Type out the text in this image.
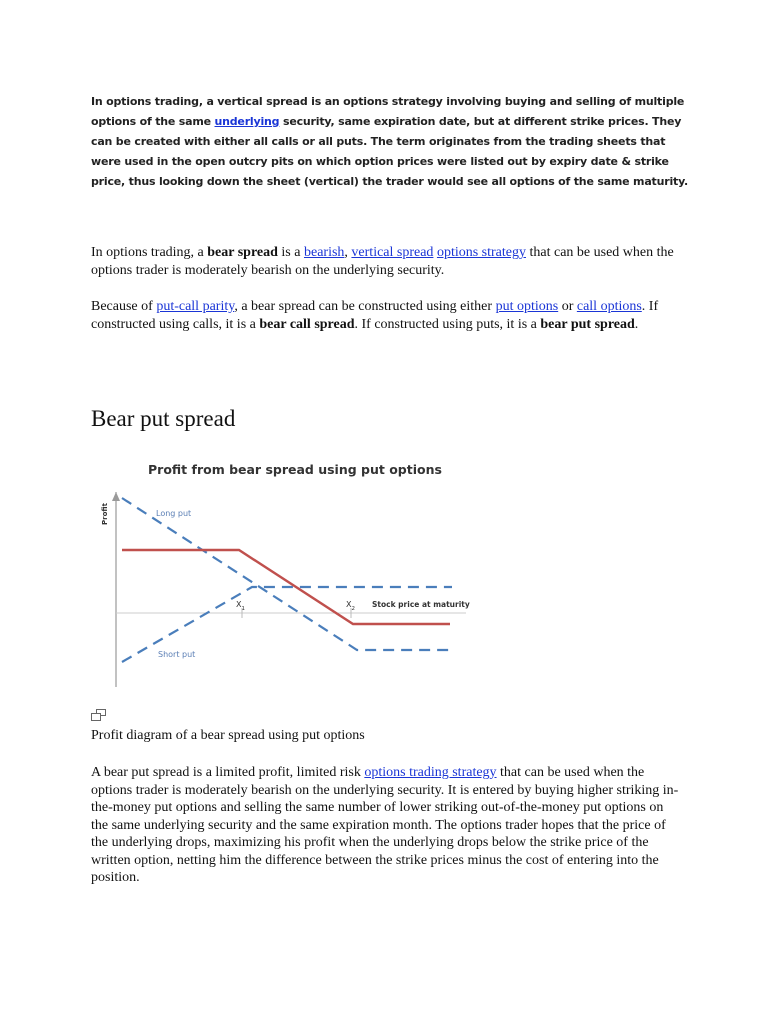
In options trading, a vertical spread is an options strategy involving buying and selling of multiple options of the same underlying security, same expiration date, but at different strike prices. They can be created with either all calls or all puts. The term originates from the trading sheets that were used in the open outcry pits on which option prices were listed out by expiry date & strike price, thus looking down the sheet (vertical) the trader would see all options of the same maturity.
In options trading, a bear spread is a bearish, vertical spread options strategy that can be used when the options trader is moderately bearish on the underlying security.
Because of put-call parity, a bear spread can be constructed using either put options or call options. If constructed using calls, it is a bear call spread. If constructed using puts, it is a bear put spread.
Bear put spread
Profit from bear spread using put options
Profit
$X_1$	$X_2$ Stock price at maturity
Long put
Short put
Profit diagram of a bear spread using put options
A bear put spread is a limited profit, limited risk options trading strategy that can be used when the options trader is moderately bearish on the underlying security. It is entered by buying higher striking in-the-money put options and selling the same number of lower striking out-of-the-money put options on the same underlying security and the same expiration month. The options trader hopes that the price of the underlying drops, maximizing his profit when the underlying drops below the strike price of the written option, netting him the difference between the strike prices minus the cost of entering into the position.
